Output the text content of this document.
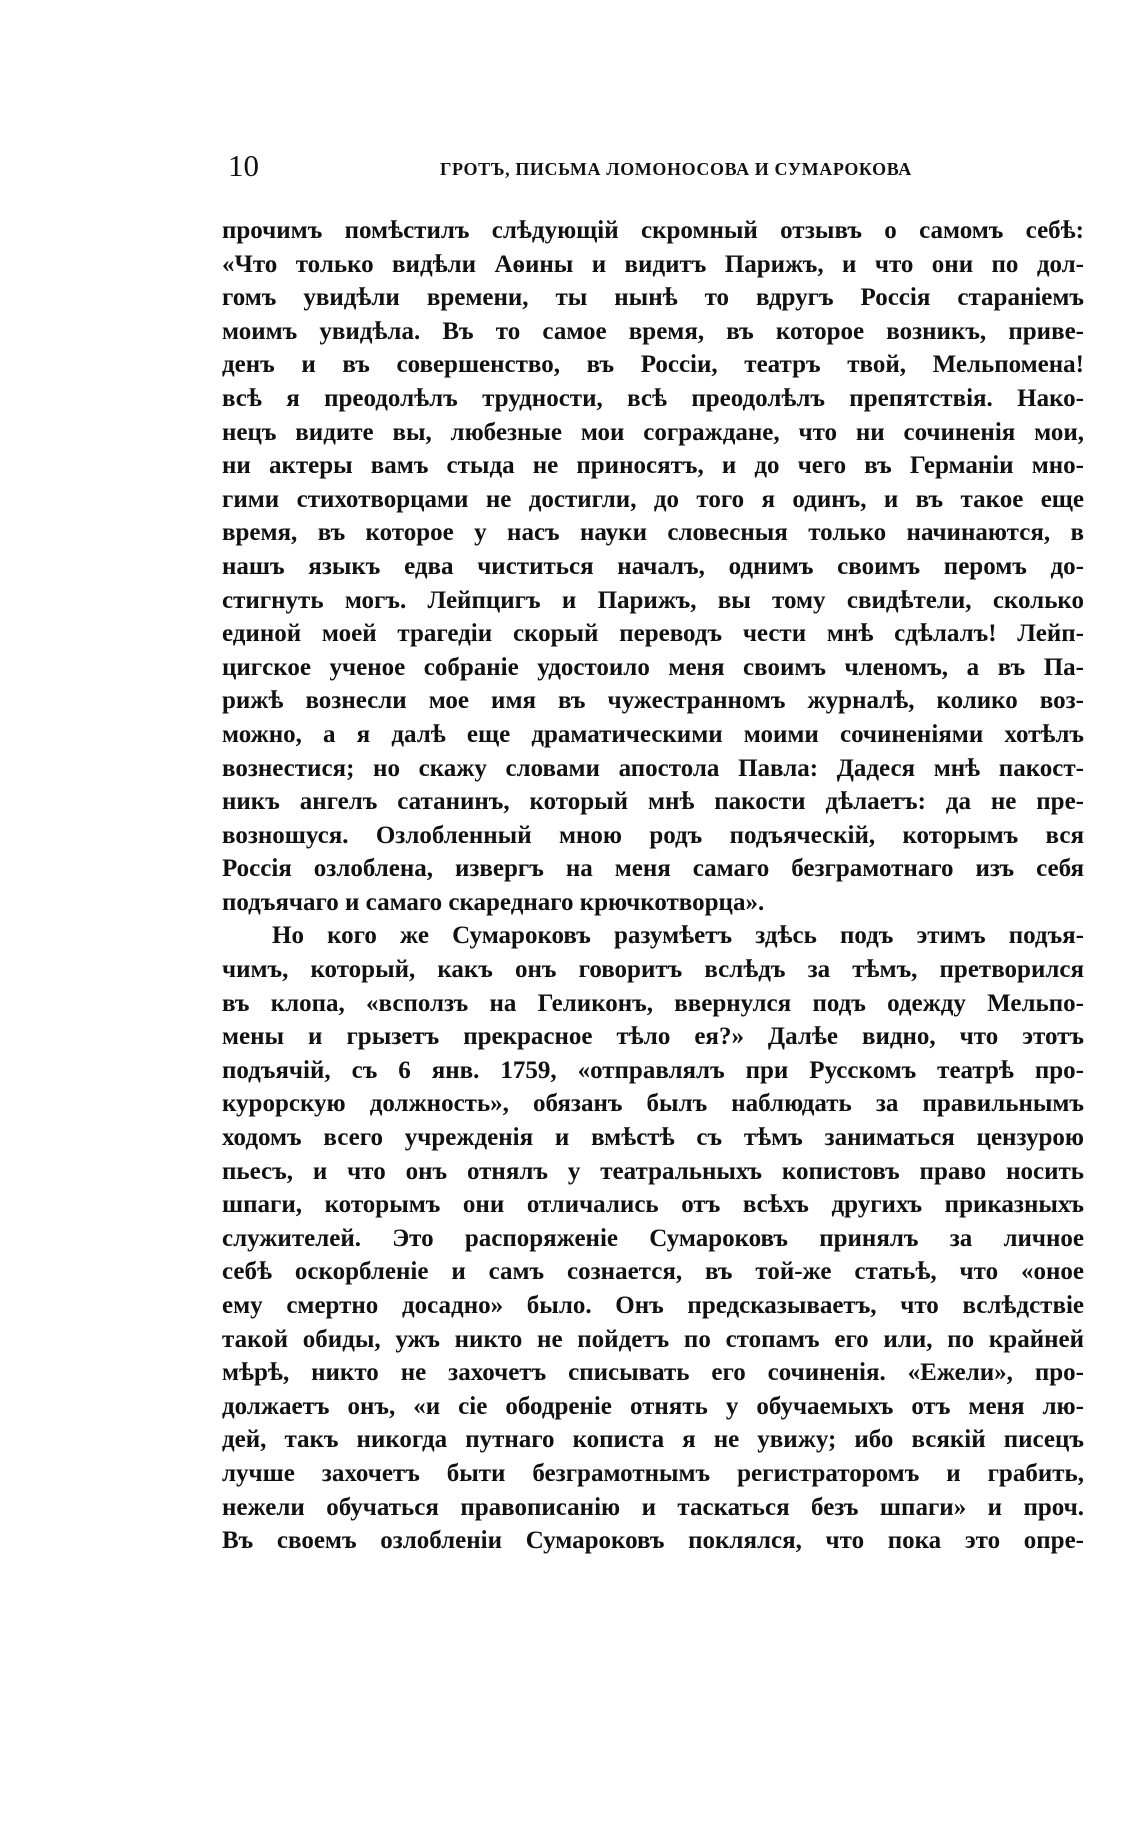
10	ГРОТЪ, ПИСЬМА ЛОМОНОСОВА И СУМАРОКОВА
прочимъ помѣстилъ слѣдующій скромный отзывъ о самомъ себѣ:
«Что только видѣли Аѳины и видитъ Парижъ, и что они по дол-
гомъ увидѣли времени, ты нынѣ то вдругъ Россія стараніемъ
моимъ увидѣла. Въ то самое время, въ которое возникъ, приве-
денъ и въ совершенство, въ Россіи, театръ твой, Мельпомена!
всѣ я преодолѣлъ трудности, всѣ преодолѣлъ препятствія. Нако-
нецъ видите вы, любезные мои сограждане, что ни сочиненія мои,
ни актеры вамъ стыда не приносятъ, и до чего въ Германіи мно-
гими стихотворцами не достигли, до того я одинъ, и въ такое еще
время, въ которое у насъ науки словесныя только начинаются, в
нашъ языкъ едва чиститься началъ, однимъ своимъ перомъ до-
стигнуть могъ. Лейпцигъ и Парижъ, вы тому свидѣтели, сколько
единой моей трагедіи скорый переводъ чести мнѣ сдѣлалъ! Лейп-
цигское ученое собраніе удостоило меня своимъ членомъ, а въ Па-
рижѣ вознесли мое имя въ чужестранномъ журналѣ, колико воз-
можно, а я далѣ еще драматическими моими сочиненіями хотѣлъ
вознестися; но скажу словами апостола Павла: Дадеся мнѣ пакост-
никъ ангелъ сатанинъ, который мнѣ пакости дѣлаетъ: да не пре-
возношуся. Озлобленный мною родъ подъяческій, которымъ вся
Россія озлоблена, извергъ на меня самаго безграмотнаго изъ себя
подъячаго и самаго скареднаго крючкотворца».
Но кого же Сумароковъ разумѣетъ здѣсь подъ этимъ подъя-
чимъ, который, какъ онъ говоритъ вслѣдъ за тѣмъ, претворился
въ клопа, «всползъ на Геликонъ, ввернулся подъ одежду Мельпо-
мены и грызетъ прекрасное тѣло ея?» Далѣе видно, что этотъ
подъячій, съ 6 янв. 1759, «отправлялъ при Русскомъ театрѣ про-
курорскую должность», обязанъ былъ наблюдать за правильнымъ
ходомъ всего учрежденія и вмѣстѣ съ тѣмъ заниматься цензурою
пьесъ, и что онъ отнялъ у театральныхъ копистовъ право носить
шпаги, которымъ они отличались отъ всѣхъ другихъ приказныхъ
служителей. Это распоряженіе Сумароковъ принялъ за личное
себѣ оскорбленіе и самъ сознается, въ той-же статьѣ, что «оное
ему смертно досадно» было. Онъ предсказываетъ, что вслѣдствіе
такой обиды, ужъ никто не пойдетъ по стопамъ его или, по крайней
мѣрѣ, никто не захочетъ списывать его сочиненія. «Ежели», про-
должаетъ онъ, «и сіе ободреніе отнять у обучаемыхъ отъ меня лю-
дей, такъ никогда путнаго кописта я не увижу; ибо всякій писецъ
лучше захочетъ быти безграмотнымъ регистраторомъ и грабить,
нежели обучаться правописанію и таскаться безъ шпаги» и проч.
Въ своемъ озлобленіи Сумароковъ поклялся, что пока это опре-
